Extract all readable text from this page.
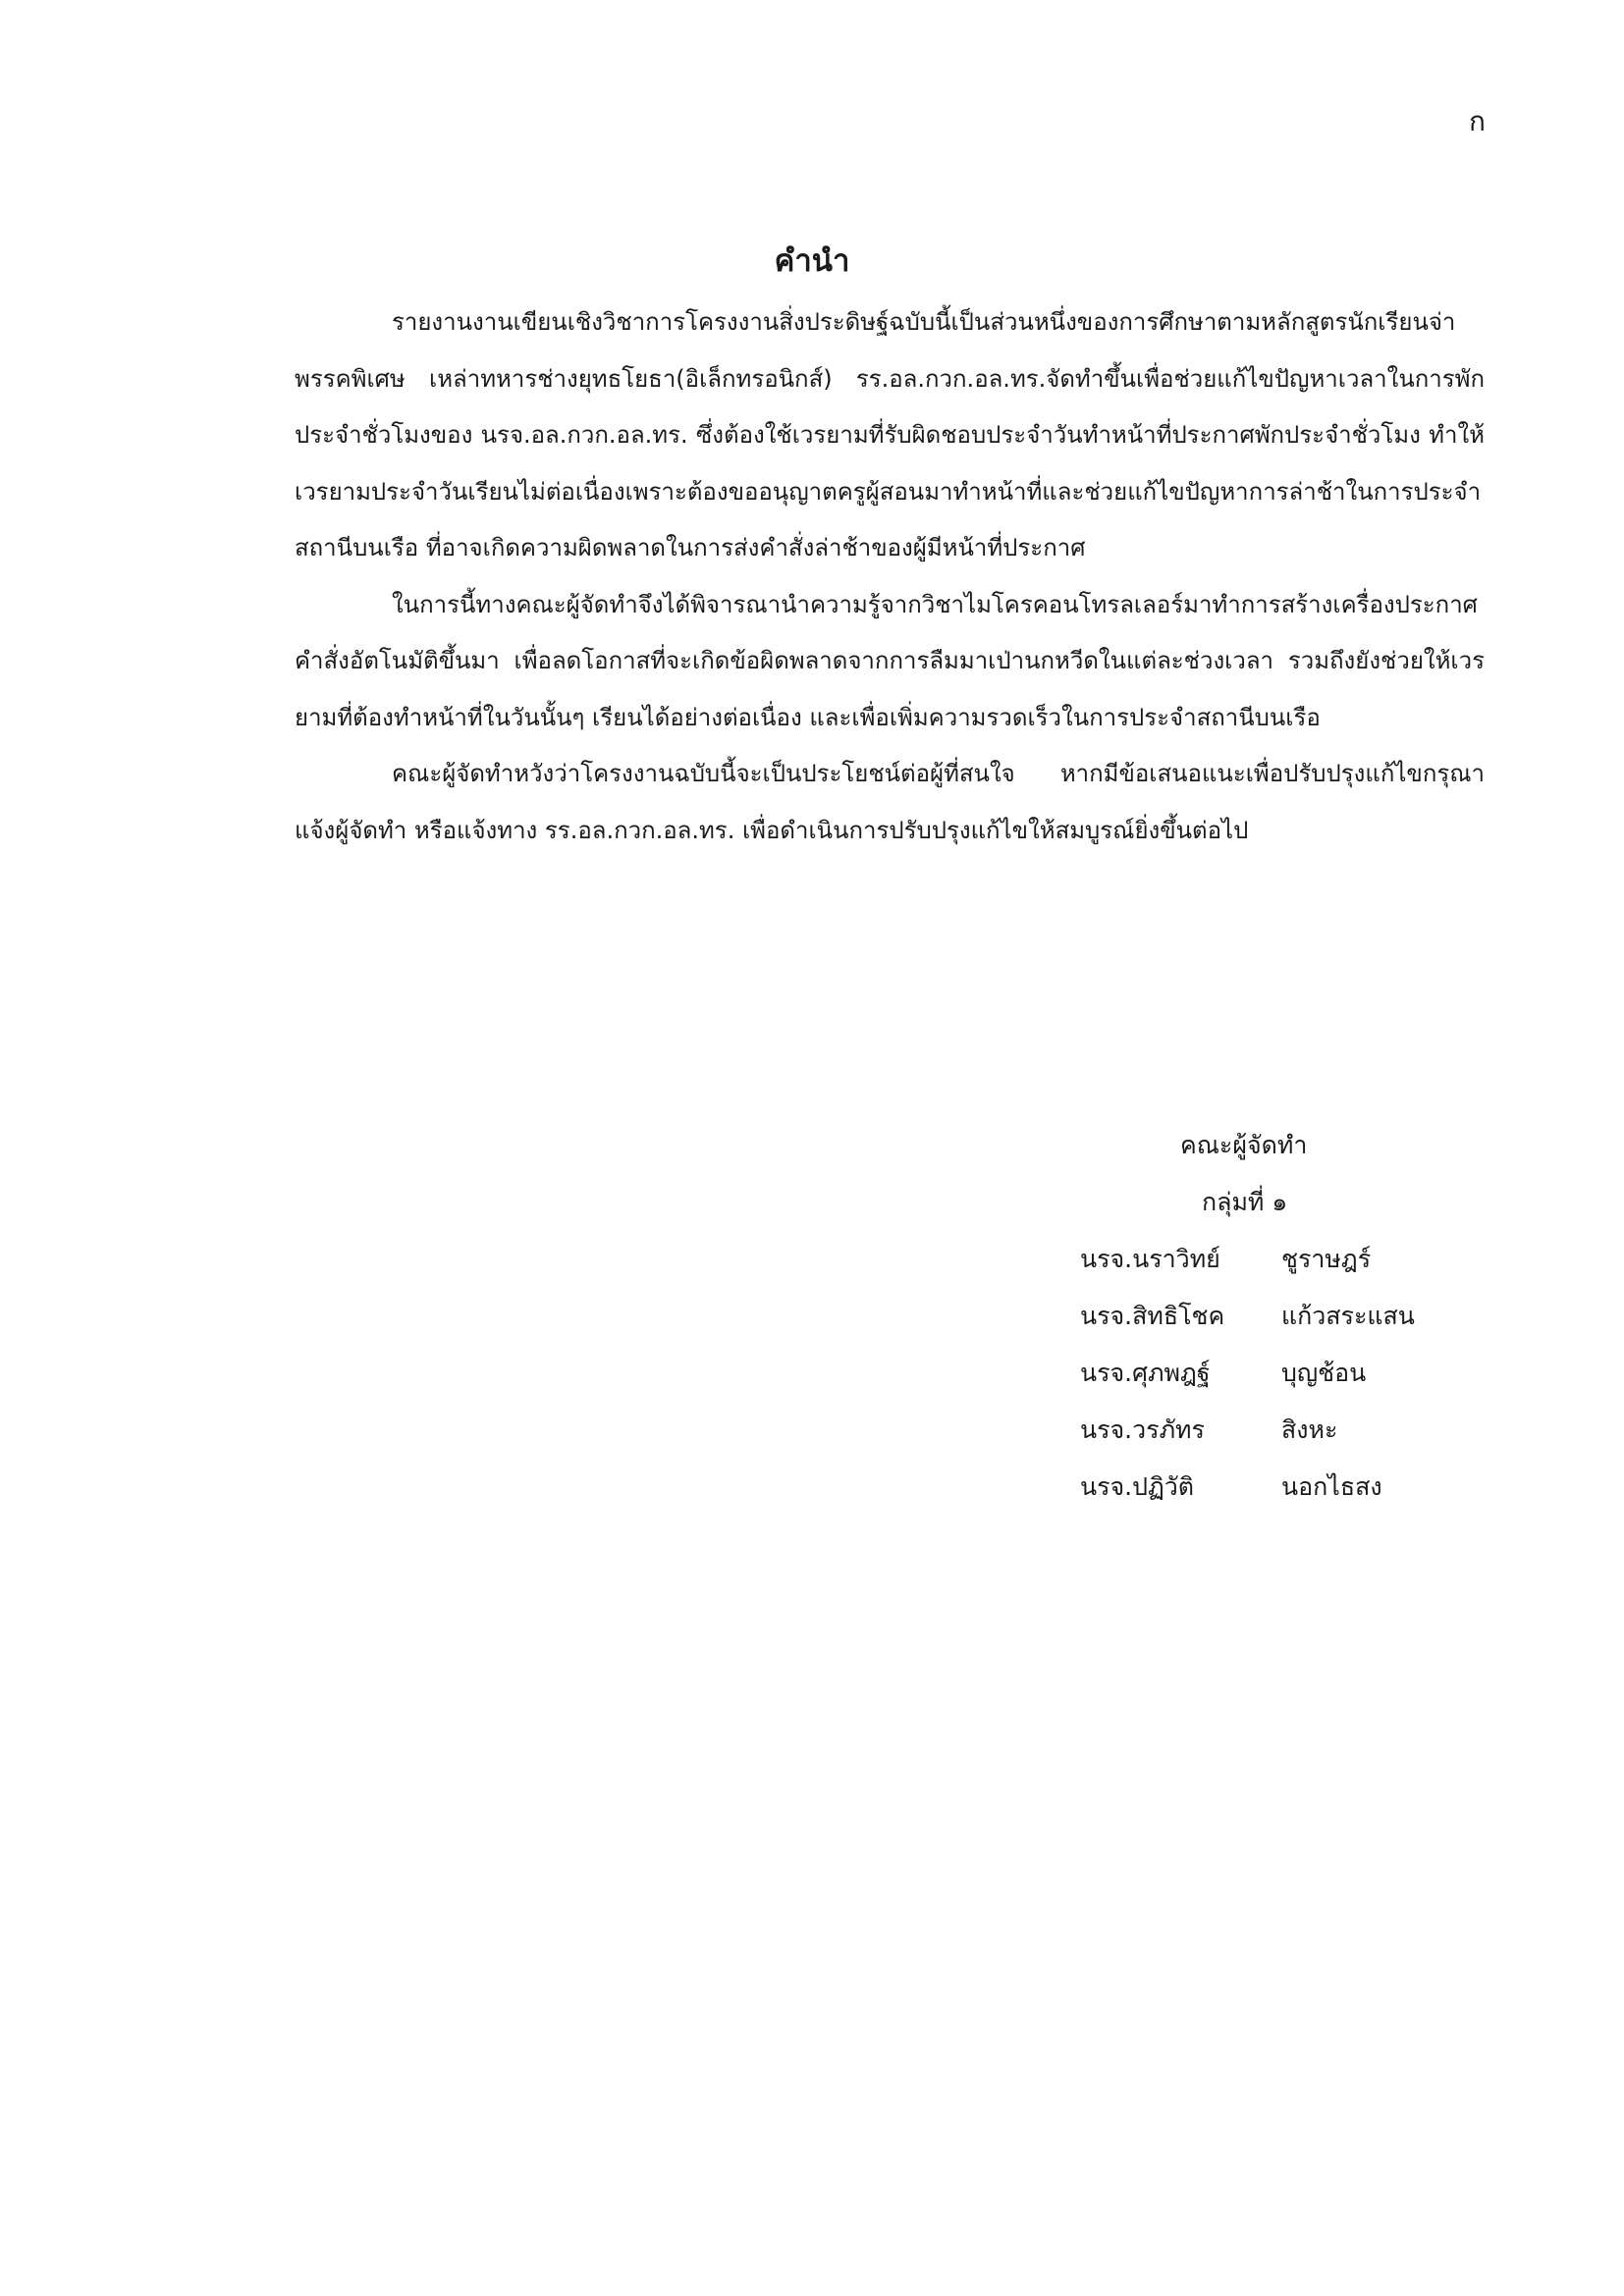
ก
คำนำ

รายงานงานเขียนเชิงวิชาการโครงงานสิ่งประดิษฐ์ฉบับนี้เป็นส่วนหนึ่งของการศึกษาตามหลักสูตรนักเรียนจ่า พรรคพิเศษ เหล่าทหารช่างยุทธโยธา(อิเล็กทรอนิกส์) รร.อล.กวก.อล.ทร.จัดทำขึ้นเพื่อช่วยแก้ไขปัญหาเวลาในการพักประจำชั่วโมงของ นรจ.อล.กวก.อล.ทร. ซึ่งต้องใช้เวรยามที่รับผิดชอบประจำวันทำหน้าที่ประกาศพักประจำชั่วโมง ทำให้เวรยามประจำวันเรียนไม่ต่อเนื่องเพราะต้องขออนุญาตครูผู้สอนมาทำหน้าที่และช่วยแก้ไขปัญหาการล่าช้าในการประจำสถานีบนเรือ ที่อาจเกิดความผิดพลาดในการส่งคำสั่งล่าช้าของผู้มีหน้าที่ประกาศ

ในการนี้ทางคณะผู้จัดทำจึงได้พิจารณานำความรู้จากวิชาไมโครคอนโทรลเลอร์มาทำการสร้างเครื่องประกาศคำสั่งอัตโนมัติขึ้นมา เพื่อลดโอกาสที่จะเกิดข้อผิดพลาดจากการลืมมาเป่านกหวีดในแต่ละช่วงเวลา รวมถึงยังช่วยให้เวรยามที่ต้องทำหน้าที่ในวันนั้นๆ เรียนได้อย่างต่อเนื่อง และเพื่อเพิ่มความรวดเร็วในการประจำสถานีบนเรือ

คณะผู้จัดทำหวังว่าโครงงานฉบับนี้จะเป็นประโยชน์ต่อผู้ที่สนใจ หากมีข้อเสนอแนะเพื่อปรับปรุงแก้ไขกรุณาแจ้งผู้จัดทำ หรือแจ้งทาง รร.อล.กวก.อล.ทร. เพื่อดำเนินการปรับปรุงแก้ไขให้สมบูรณ์ยิ่งขึ้นต่อไป

คณะผู้จัดทำ
กลุ่มที่ ๑
นรจ.นราวิทย์	ชูราษฎร์
นรจ.สิทธิโชค	แก้วสระแสน
นรจ.ศุภพฎฐ์	บุญช้อน
นรจ.วรภัทร	สิงหะ
นรจ.ปฏิวัติ	นอกไธสง
